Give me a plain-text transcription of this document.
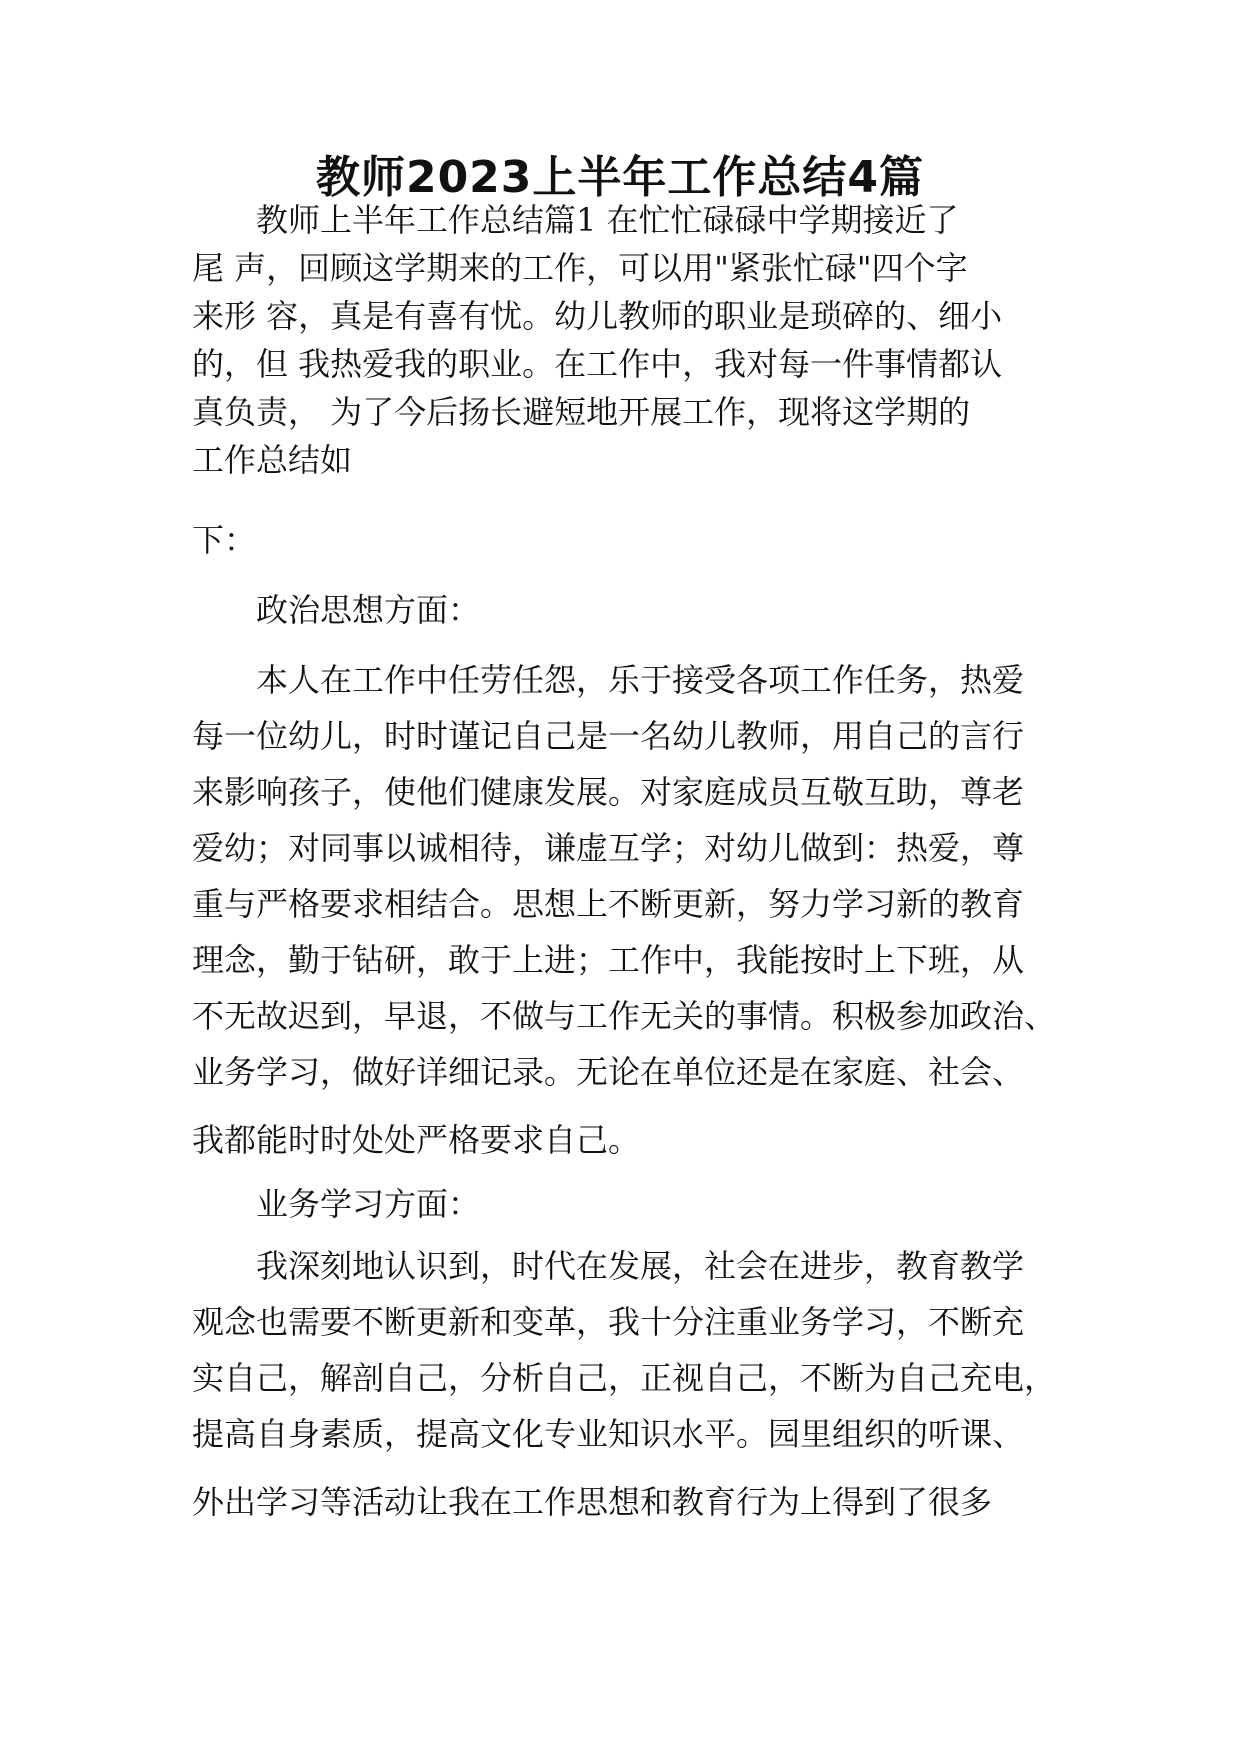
教师2023上半年工作总结4篇

教师上半年工作总结篇1 在忙忙碌碌中学期接近了

尾 声，回顾这学期来的工作，可以用"紧张忙碌"四个字

来形 容，真是有喜有忧。幼儿教师的职业是琐碎的、细小

的，但 我热爱我的职业。在工作中，我对每一件事情都认

真负责， 为了今后扬长避短地开展工作，现将这学期的

工作总结如

下：

政治思想方面：

本人在工作中任劳任怨，乐于接受各项工作任务，热爱

每一位幼儿，时时谨记自己是一名幼儿教师，用自己的言行

来影响孩子，使他们健康发展。对家庭成员互敬互助，尊老

爱幼；对同事以诚相待，谦虚互学；对幼儿做到：热爱，尊

重与严格要求相结合。思想上不断更新，努力学习新的教育

理念，勤于钻研，敢于上进；工作中，我能按时上下班，从

不无故迟到，早退，不做与工作无关的事情。积极参加政治、

业务学习，做好详细记录。无论在单位还是在家庭、社会、

我都能时时处处严格要求自己。

业务学习方面：

我深刻地认识到，时代在发展，社会在进步，教育教学

观念也需要不断更新和变革，我十分注重业务学习，不断充

实自己，解剖自己，分析自己，正视自己，不断为自己充电，

提高自身素质，提高文化专业知识水平。园里组织的听课、

外出学习等活动让我在工作思想和教育行为上得到了很多
